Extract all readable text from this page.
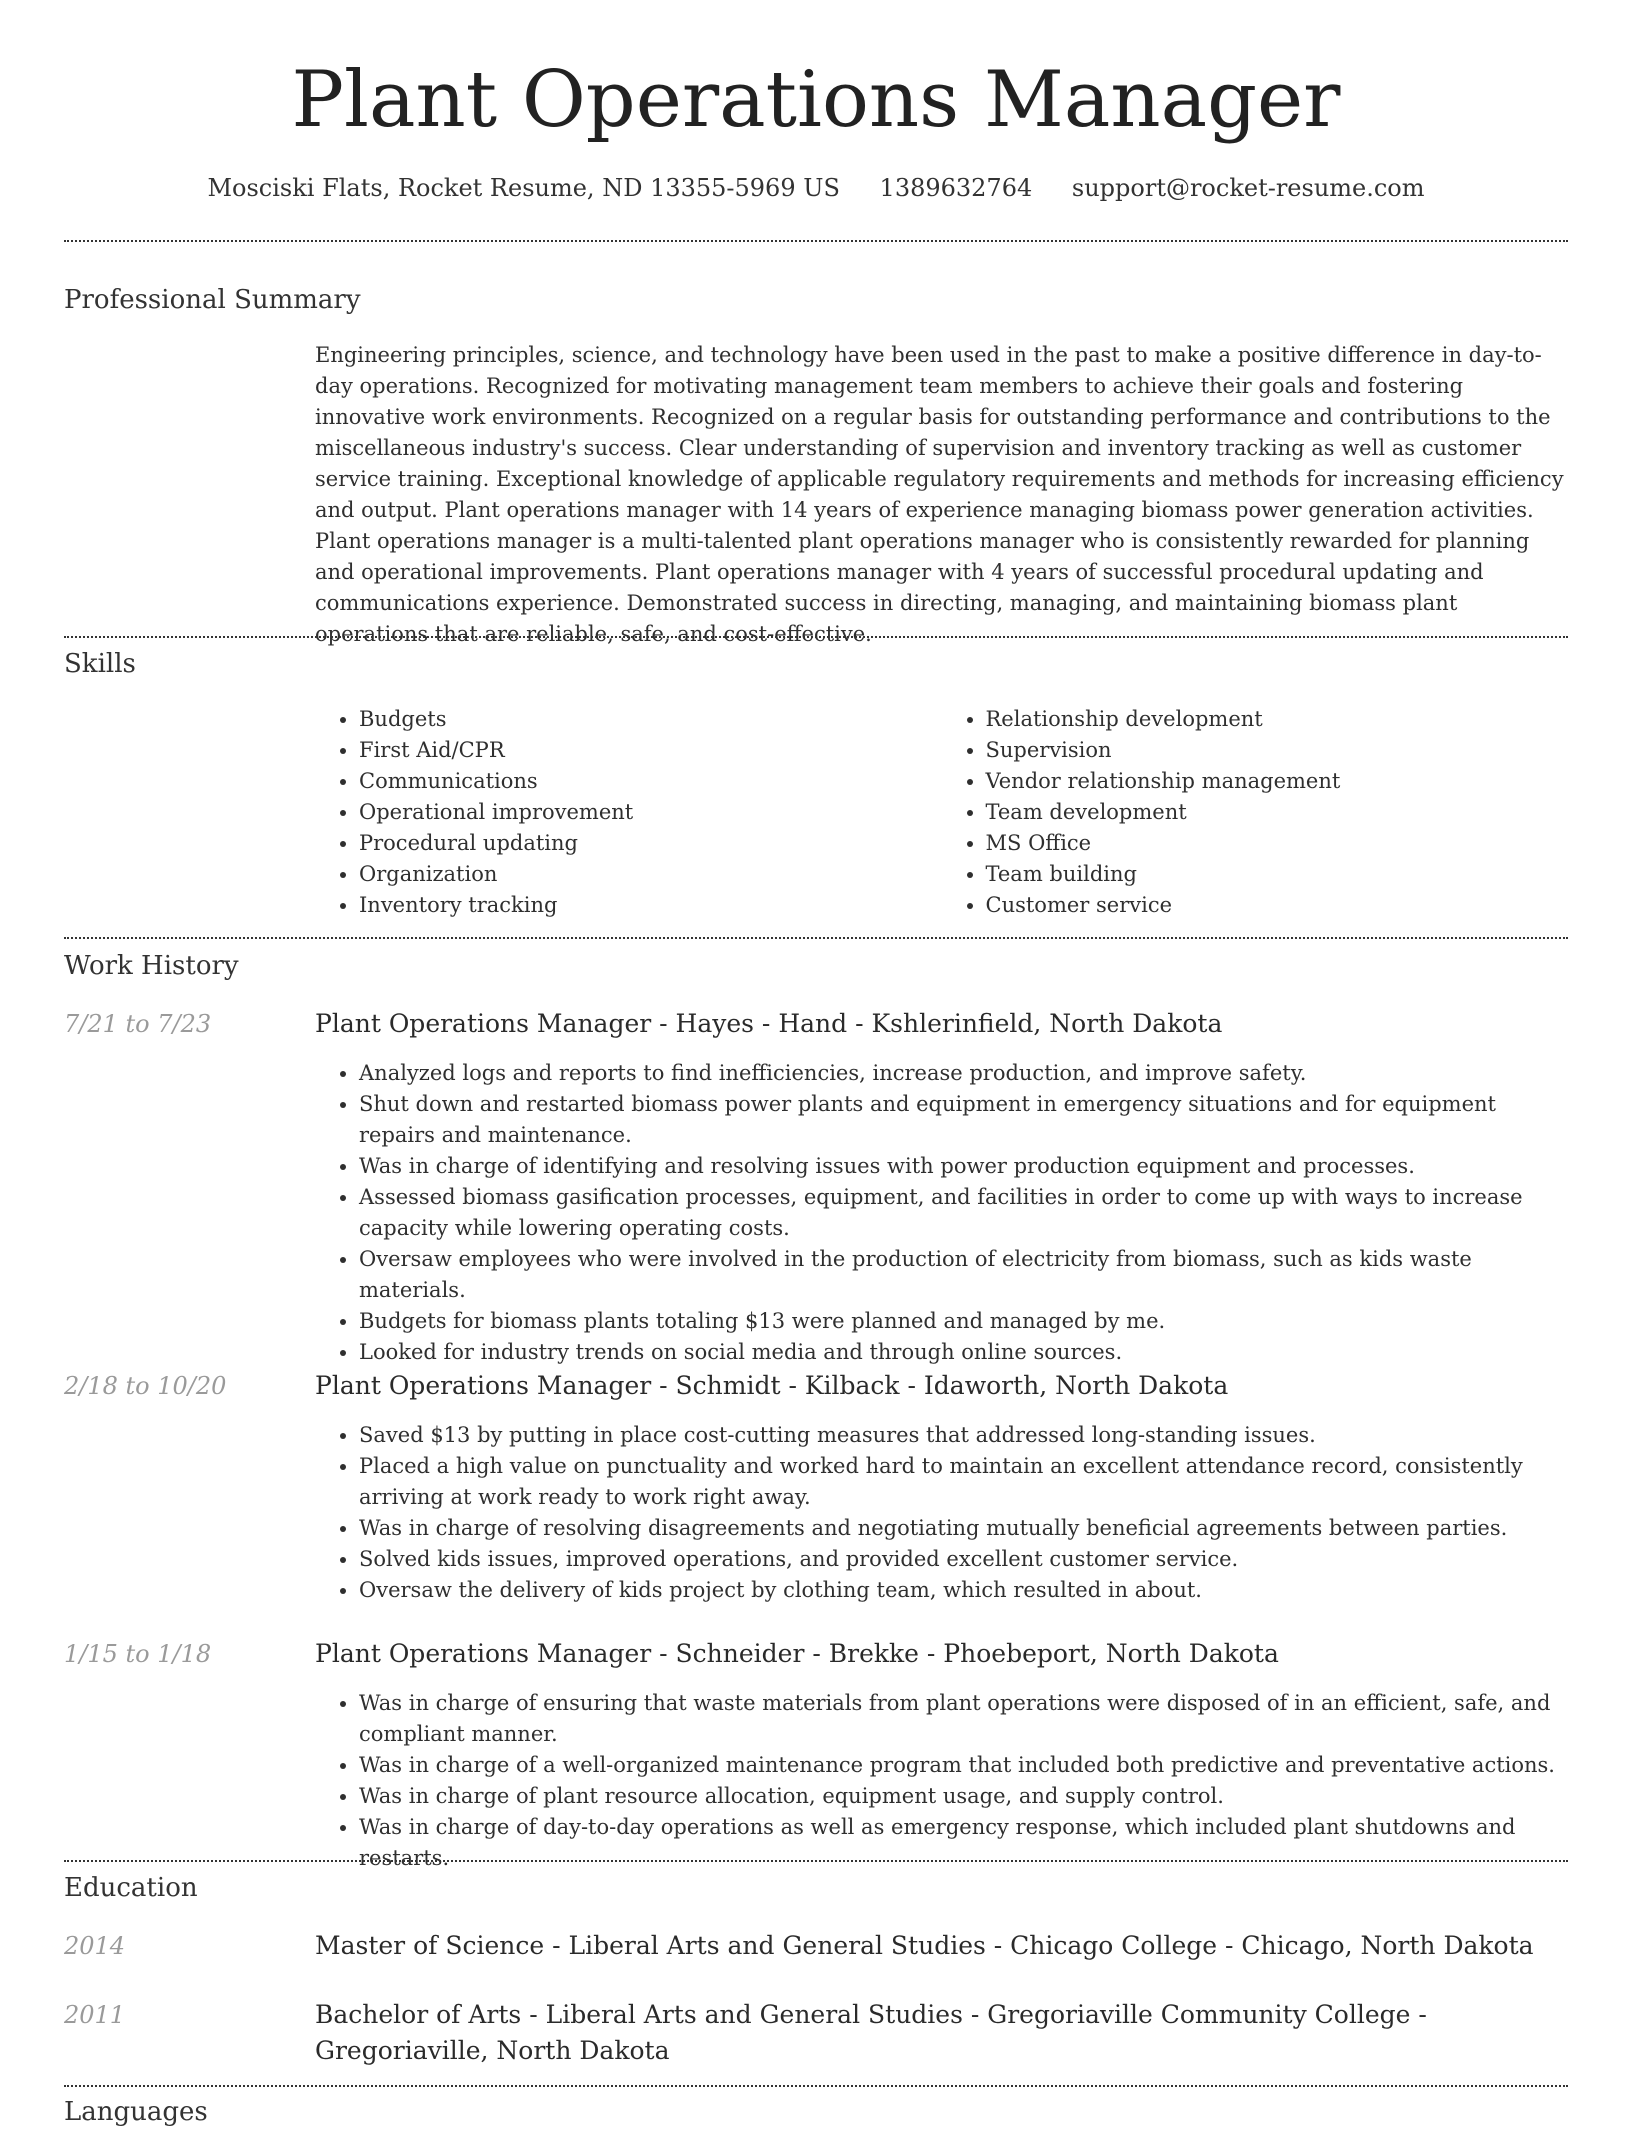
Plant Operations Manager
Mosciski Flats, Rocket Resume, ND 13355-5969 US 1389632764 support@rocket-resume.com
Professional Summary
Engineering principles, science, and technology have been used in the past to make a positive difference in day-to-day operations. Recognized for motivating management team members to achieve their goals and fostering innovative work environments. Recognized on a regular basis for outstanding performance and contributions to the miscellaneous industry's success. Clear understanding of supervision and inventory tracking as well as customer service training. Exceptional knowledge of applicable regulatory requirements and methods for increasing efficiency and output. Plant operations manager with 14 years of experience managing biomass power generation activities. Plant operations manager is a multi-talented plant operations manager who is consistently rewarded for planning and operational improvements. Plant operations manager with 4 years of successful procedural updating and communications experience. Demonstrated success in directing, managing, and maintaining biomass plant operations that are reliable, safe, and cost-effective.
Skills
• Budgets
• First Aid/CPR
• Communications
• Operational improvement
• Procedural updating
• Organization
• Inventory tracking
• Relationship development
• Supervision
• Vendor relationship management
• Team development
• MS Office
• Team building
• Customer service
Work History
7/21 to 7/23	Plant Operations Manager - Hayes - Hand - Kshlerinfield, North Dakota
• Analyzed logs and reports to find inefficiencies, increase production, and improve safety.
• Shut down and restarted biomass power plants and equipment in emergency situations and for equipment repairs and maintenance.
• Was in charge of identifying and resolving issues with power production equipment and processes.
• Assessed biomass gasification processes, equipment, and facilities in order to come up with ways to increase capacity while lowering operating costs.
• Oversaw employees who were involved in the production of electricity from biomass, such as kids waste materials.
• Budgets for biomass plants totaling $13 were planned and managed by me.
• Looked for industry trends on social media and through online sources.
2/18 to 10/20	Plant Operations Manager - Schmidt - Kilback - Idaworth, North Dakota
• Saved $13 by putting in place cost-cutting measures that addressed long-standing issues.
• Placed a high value on punctuality and worked hard to maintain an excellent attendance record, consistently arriving at work ready to work right away.
• Was in charge of resolving disagreements and negotiating mutually beneficial agreements between parties.
• Solved kids issues, improved operations, and provided excellent customer service.
• Oversaw the delivery of kids project by clothing team, which resulted in about.
1/15 to 1/18	Plant Operations Manager - Schneider - Brekke - Phoebeport, North Dakota
• Was in charge of ensuring that waste materials from plant operations were disposed of in an efficient, safe, and compliant manner.
• Was in charge of a well-organized maintenance program that included both predictive and preventative actions.
• Was in charge of plant resource allocation, equipment usage, and supply control.
• Was in charge of day-to-day operations as well as emergency response, which included plant shutdowns and restarts.
Education
2014	Master of Science - Liberal Arts and General Studies - Chicago College - Chicago, North Dakota
2011	Bachelor of Arts - Liberal Arts and General Studies - Gregoriaville Community College - Gregoriaville, North Dakota
Languages
